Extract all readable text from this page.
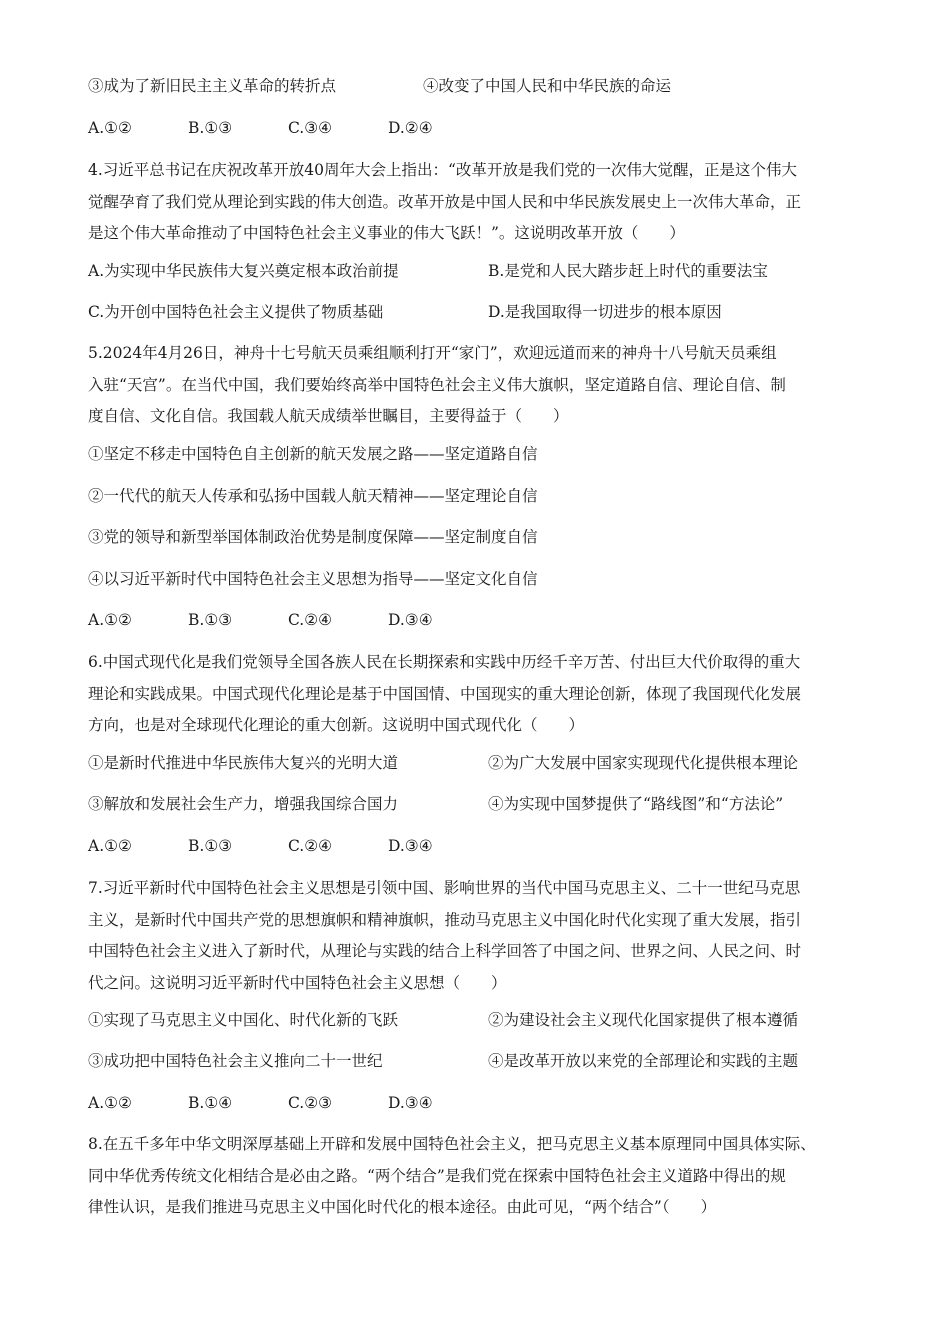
③成为了新旧民主主义革命的转折点	④改变了中国人民和中华民族的命运
A.①②	B.①③	C.③④	D.②④
4.习近平总书记在庆祝改革开放40周年大会上指出：“改革开放是我们党的一次伟大觉醒，正是这个伟大
觉醒孕育了我们党从理论到实践的伟大创造。改革开放是中国人民和中华民族发展史上一次伟大革命，正
是这个伟大革命推动了中国特色社会主义事业的伟大飞跃！”。这说明改革开放（　　）
A.为实现中华民族伟大复兴奠定根本政治前提	B.是党和人民大踏步赶上时代的重要法宝
C.为开创中国特色社会主义提供了物质基础	D.是我国取得一切进步的根本原因
5.2024年4月26日，神舟十七号航天员乘组顺利打开“家门”，欢迎远道而来的神舟十八号航天员乘组
入驻“天宫”。在当代中国，我们要始终高举中国特色社会主义伟大旗帜，坚定道路自信、理论自信、制
度自信、文化自信。我国载人航天成绩举世瞩目，主要得益于（　　）
①坚定不移走中国特色自主创新的航天发展之路——坚定道路自信
②一代代的航天人传承和弘扬中国载人航天精神——坚定理论自信
③党的领导和新型举国体制政治优势是制度保障——坚定制度自信
④以习近平新时代中国特色社会主义思想为指导——坚定文化自信
A.①②	B.①③	C.②④	D.③④
6.中国式现代化是我们党领导全国各族人民在长期探索和实践中历经千辛万苦、付出巨大代价取得的重大
理论和实践成果。中国式现代化理论是基于中国国情、中国现实的重大理论创新，体现了我国现代化发展
方向，也是对全球现代化理论的重大创新。这说明中国式现代化（　　）
①是新时代推进中华民族伟大复兴的光明大道	②为广大发展中国家实现现代化提供根本理论
③解放和发展社会生产力，增强我国综合国力	④为实现中国梦提供了“路线图”和“方法论”
A.①②	B.①③	C.②④	D.③④
7.习近平新时代中国特色社会主义思想是引领中国、影响世界的当代中国马克思主义、二十一世纪马克思
主义，是新时代中国共产党的思想旗帜和精神旗帜，推动马克思主义中国化时代化实现了重大发展，指引
中国特色社会主义进入了新时代，从理论与实践的结合上科学回答了中国之问、世界之问、人民之问、时
代之问。这说明习近平新时代中国特色社会主义思想（　　）
①实现了马克思主义中国化、时代化新的飞跃	②为建设社会主义现代化国家提供了根本遵循
③成功把中国特色社会主义推向二十一世纪	④是改革开放以来党的全部理论和实践的主题
A.①②	B.①④	C.②③	D.③④
8.在五千多年中华文明深厚基础上开辟和发展中国特色社会主义，把马克思主义基本原理同中国具体实际、
同中华优秀传统文化相结合是必由之路。“两个结合”是我们党在探索中国特色社会主义道路中得出的规
律性认识，是我们推进马克思主义中国化时代化的根本途径。由此可见，“两个结合”（　　）
